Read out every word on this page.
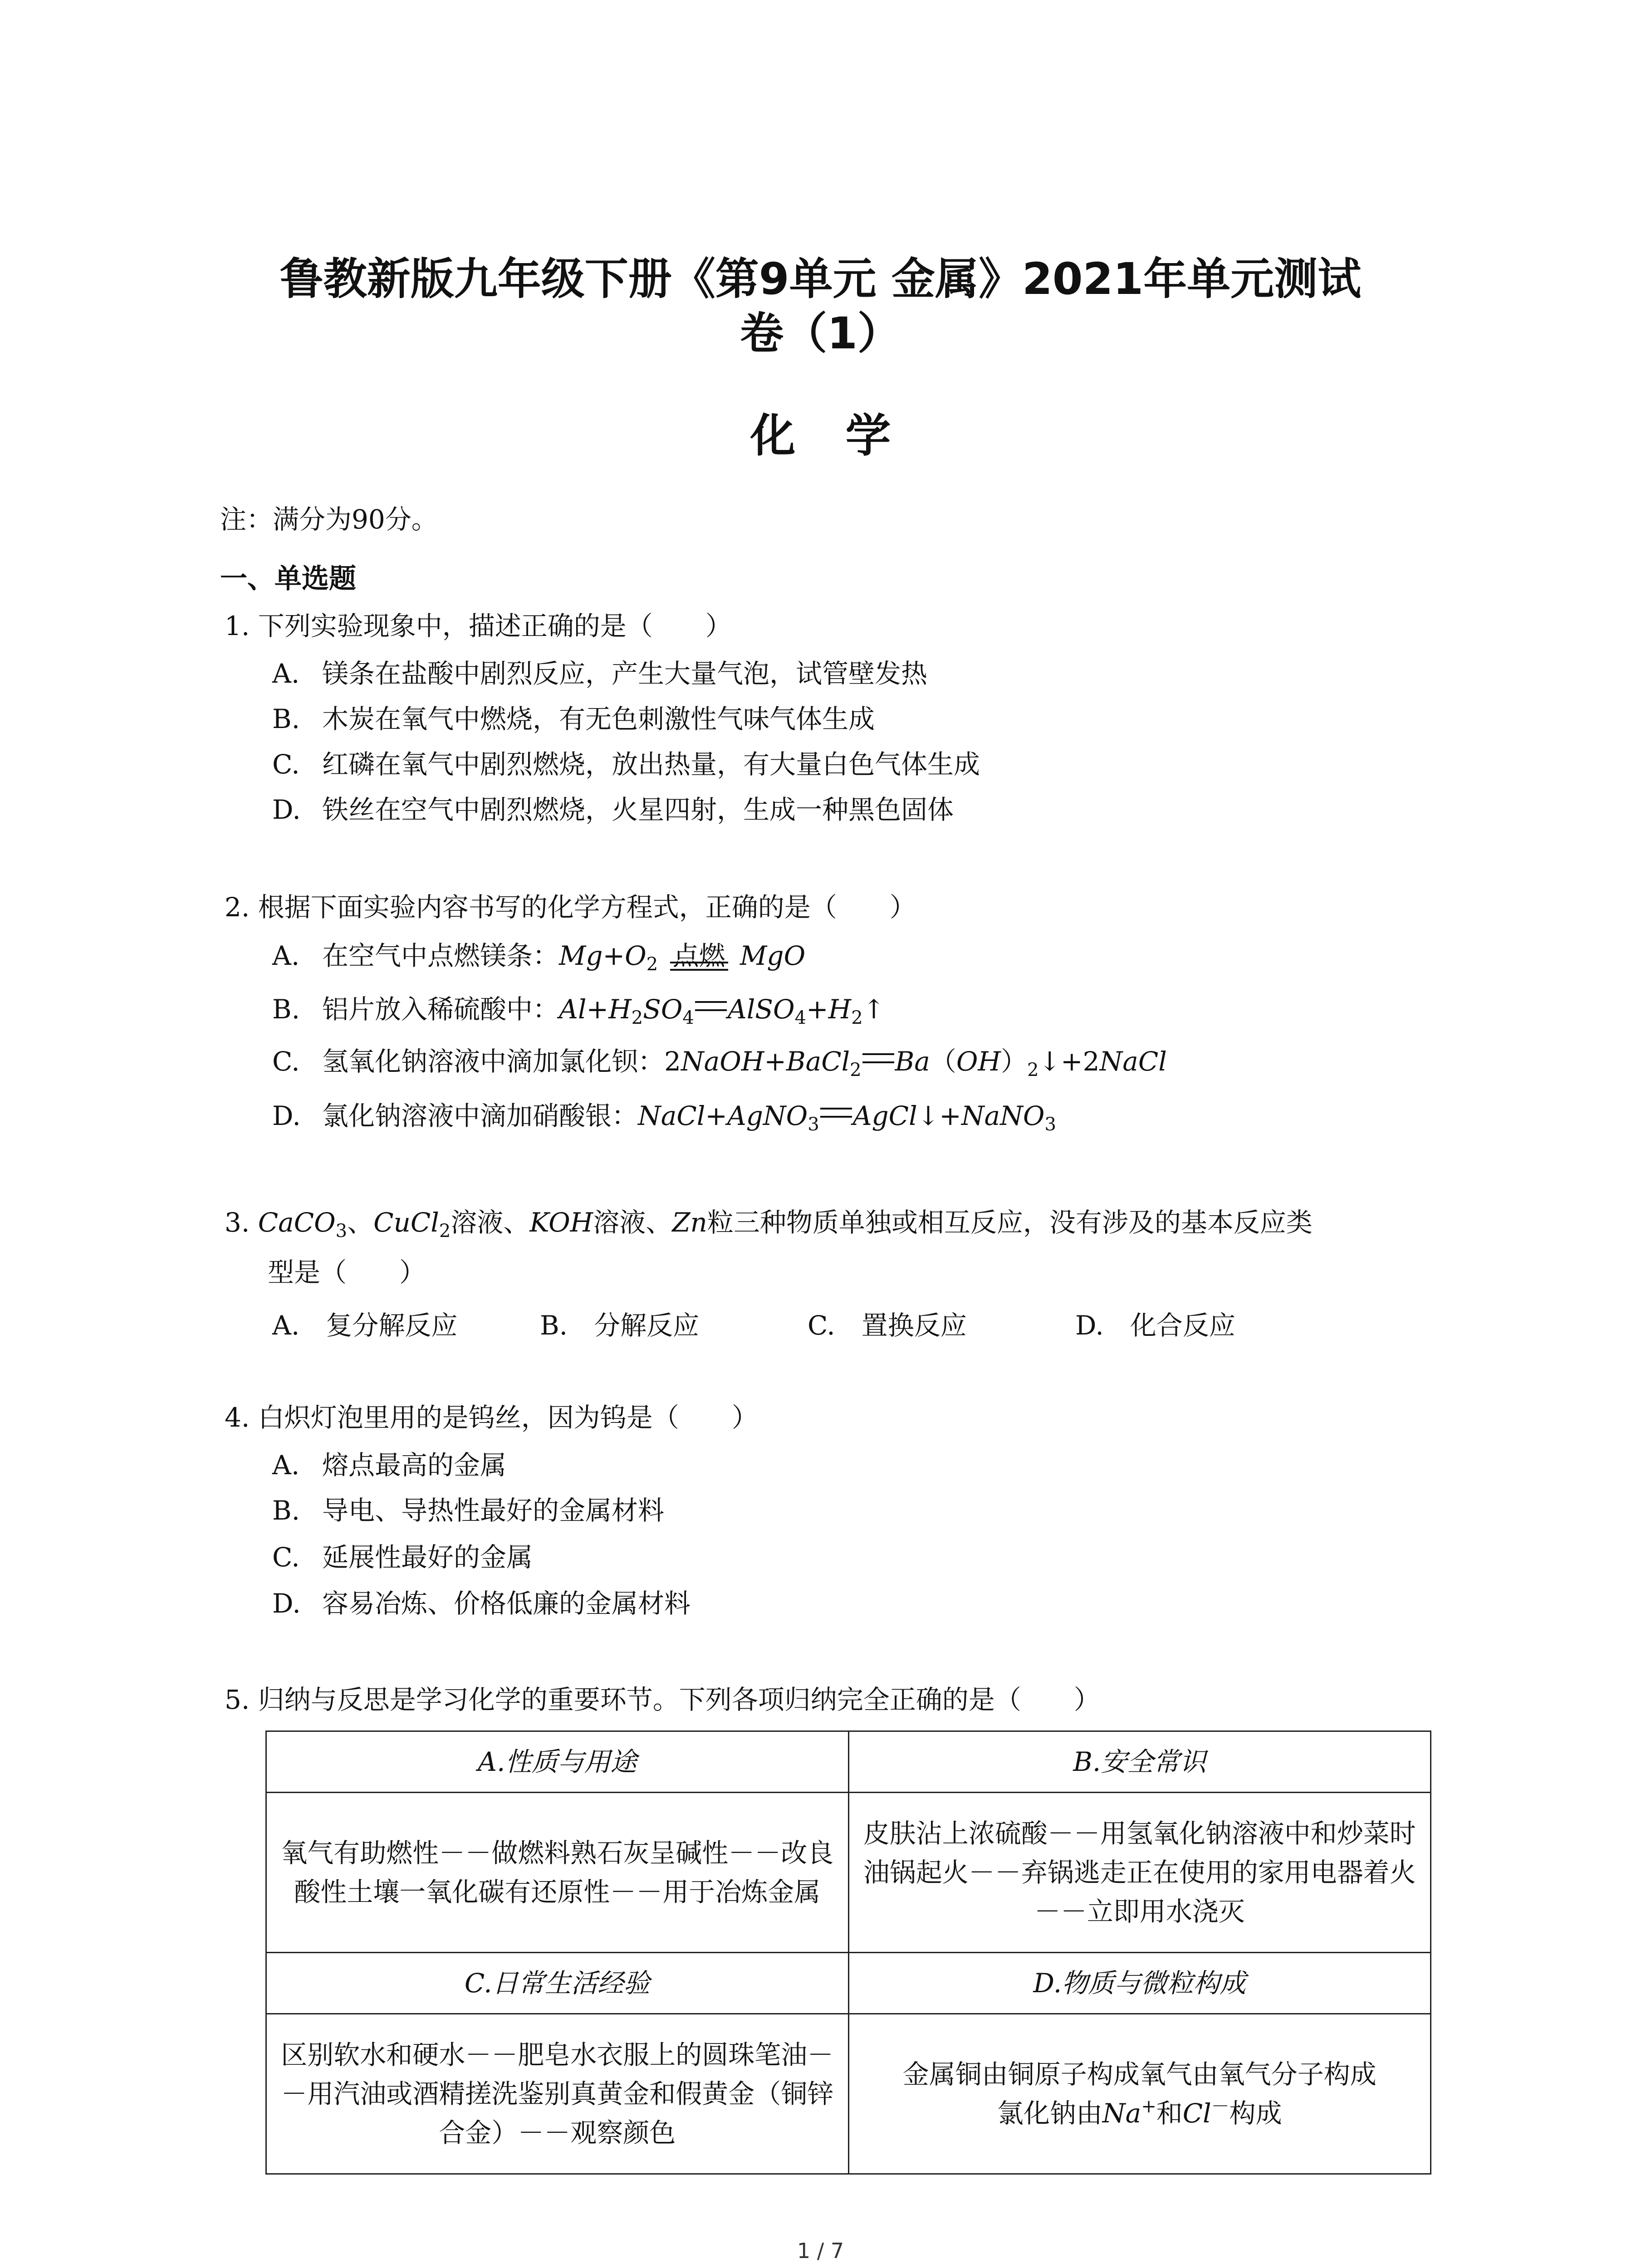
鲁教新版九年级下册《第9单元 金属》2021年单元测试
卷（1）
化学
注：满分为90分。
一、单选题
1. 下列实验现象中，描述正确的是（　　）
A. 镁条在盐酸中剧烈反应，产生大量气泡，试管壁发热
B. 木炭在氧气中燃烧，有无色刺激性气味气体生成
C. 红磷在氧气中剧烈燃烧，放出热量，有大量白色气体生成
D. 铁丝在空气中剧烈燃烧，火星四射，生成一种黑色固体
2. 根据下面实验内容书写的化学方程式，正确的是（　　）
A. 在空气中点燃镁条：$Mg+O_2$ 点燃 MgO
B. 铝片放入稀硫酸中：$Al+H_2SO_4$ $AlSO_4+H_2↑$
C. 氢氧化钠溶液中滴加氯化钡：2NaOH+BaCl$_2$ $Ba(OH)_2↓+2NaCl$
D. 氯化钠溶液中滴加硝酸银：NaCl+AgNO$_3$ AgCl↓+NaNO$_3$
3. CaCO$_3$、CuCl$_2$溶液、KOH溶液、Zn粒三种物质单独或相互反应，没有涉及的基本反应类
型是（　　）
A.　 复分解反应	B.　 分解反应	C.　 置换反应	D.　 化合反应
4. 白炽灯泡里用的是钨丝，因为钨是（　　）
A. 熔点最高的金属
B. 导电、导热性最好的金属材料
C. 延展性最好的金属
D. 容易冶炼、价格低廉的金属材料
5. 归纳与反思是学习化学的重要环节。下列各项归纳完全正确的是（　　）
A.性质与用途	B.安全常识
氧气有助燃性－－做燃料熟石灰呈碱性－－改良酸性土壤一氧化碳有还原性－－用于冶炼金属	皮肤沾上浓硫酸－－用氢氧化钠溶液中和炒菜时油锅起火－－弃锅逃走正在使用的家用电器着火－－立即用水浇灭
C.日常生活经验	D.物质与微粒构成
区别软水和硬水－－肥皂水衣服上的圆珠笔油－－用汽油或酒精搓洗鉴别真黄金和假黄金（铜锌合金）－－观察颜色	金属铜由铜原子构成氧气由氧气分子构成
氯化钠由Na+和Cl－构成
1 / 7
